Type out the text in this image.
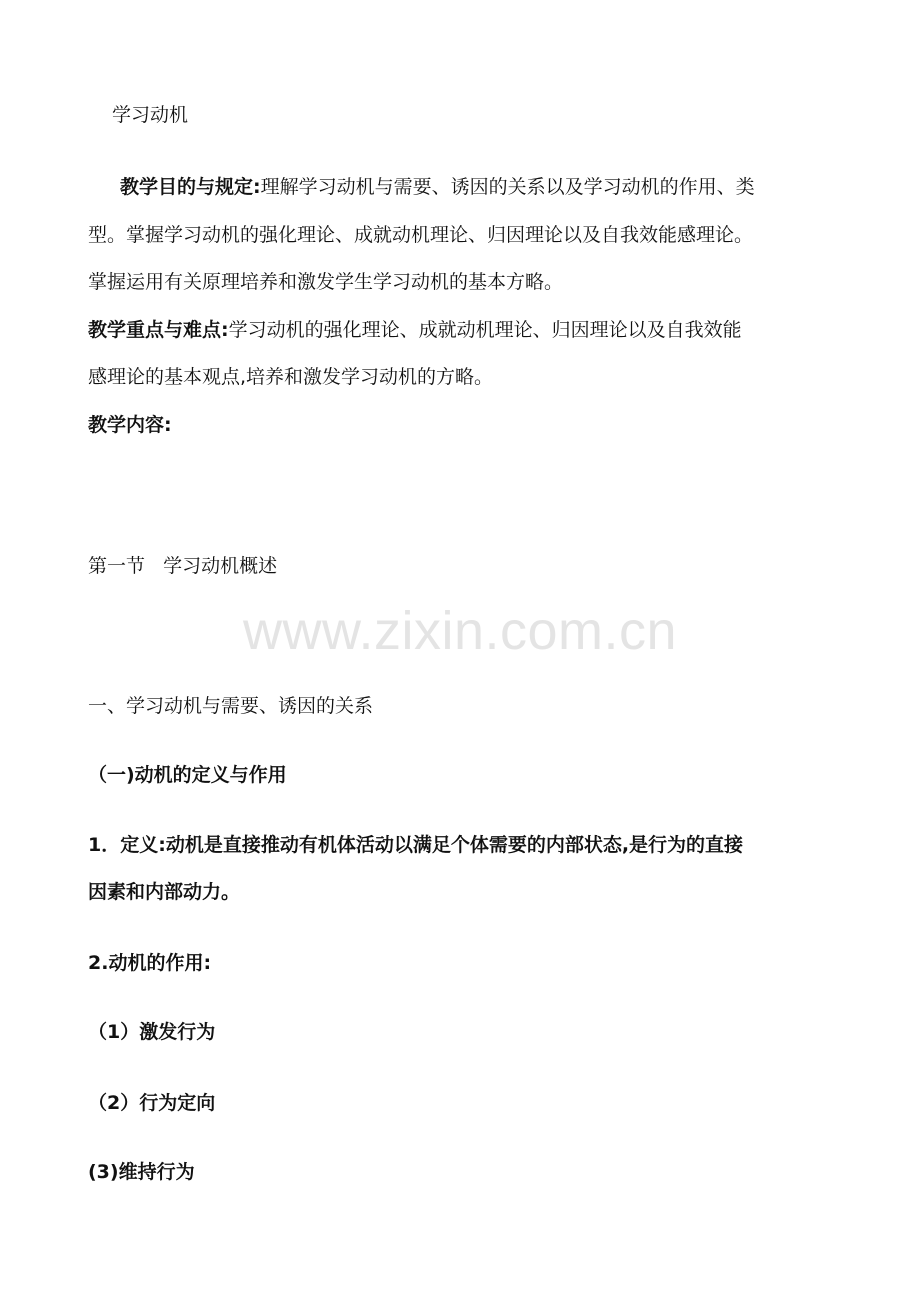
学习动机
教学目的与规定:理解学习动机与需要、诱因的关系以及学习动机的作用、类
型。掌握学习动机的强化理论、成就动机理论、归因理论以及自我效能感理论。
掌握运用有关原理培养和激发学生学习动机的基本方略。
教学重点与难点:学习动机的强化理论、成就动机理论、归因理论以及自我效能
感理论的基本观点,培养和激发学习动机的方略。
教学内容:
第一节   学习动机概述
www.zixin.com.cn
一、学习动机与需要、诱因的关系
（一)动机的定义与作用
1．定义:动机是直接推动有机体活动以满足个体需要的内部状态,是行为的直接
因素和内部动力。
2.动机的作用:
（1）激发行为
（2）行为定向
(3)维持行为
